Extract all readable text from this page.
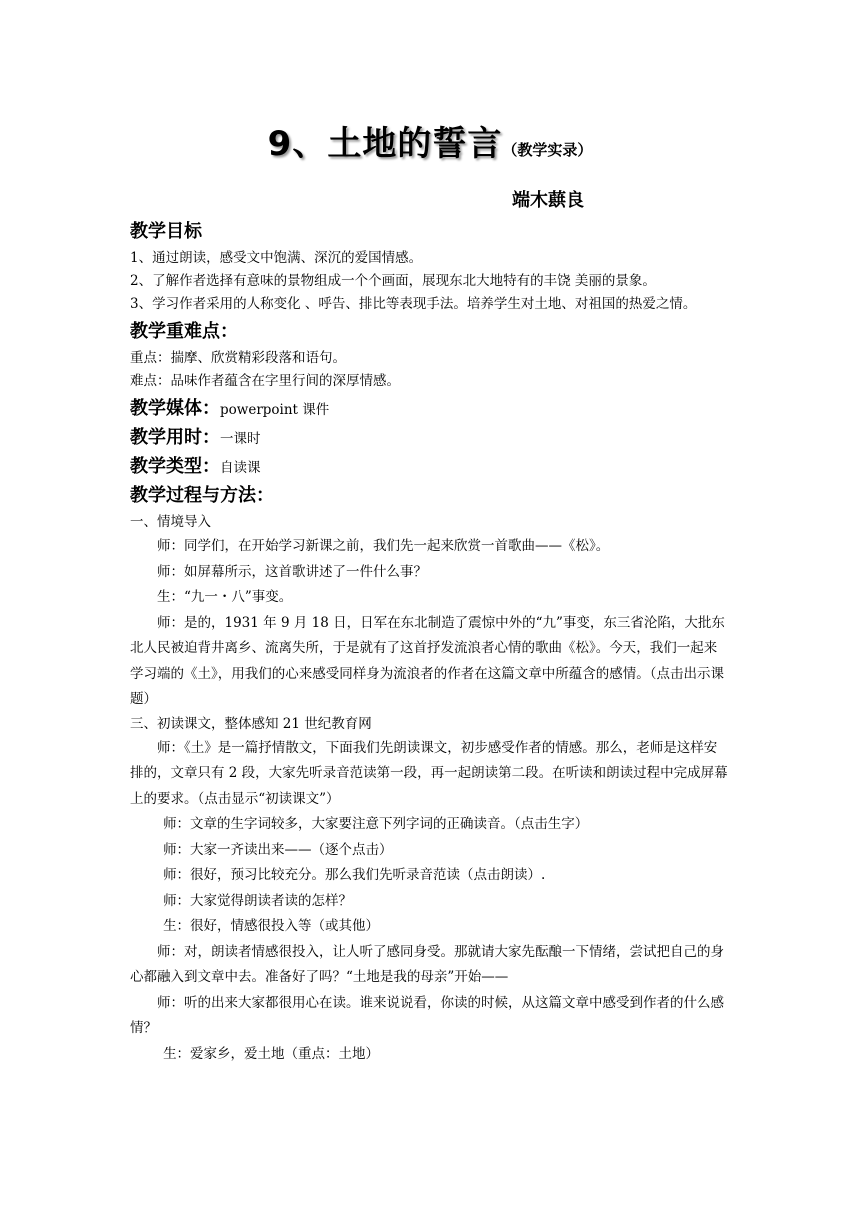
9、土地的誓言（教学实录）
端木蕻良
教学目标

1、通过朗读，感受文中饱满、深沉的爱国情感。

2、了解作者选择有意味的景物组成一个个画面，展现东北大地特有的丰饶 美丽的景象。

3、学习作者采用的人称变化 、呼告、排比等表现手法。培养学生对土地、对祖国的热爱之情。

教学重难点：

重点：揣摩、欣赏精彩段落和语句。

难点：品味作者蕴含在字里行间的深厚情感。

教学媒体：powerpoint 课件
教学用时：一课时
教学类型：自读课
教学过程与方法：

一、情境导入

师：同学们，在开始学习新课之前，我们先一起来欣赏一首歌曲——《松》。

师：如屏幕所示，这首歌讲述了一件什么事？

生：“九一・八”事变。

师：是的，1931 年 9 月 18 日，日军在东北制造了震惊中外的“九”事变，东三省沦陷，大批东北人民被迫背井离乡、流离失所，于是就有了这首抒发流浪者心情的歌曲《松》。今天，我们一起来学习端的《土》，用我们的心来感受同样身为流浪者的作者在这篇文章中所蕴含的感情。（点击出示课题）

三、初读课文，整体感知 21 世纪教育网

师：《土》是一篇抒情散文，下面我们先朗读课文，初步感受作者的情感。那么，老师是这样安排的，文章只有 2 段，大家先听录音范读第一段，再一起朗读第二段。在听读和朗读过程中完成屏幕上的要求。（点击显示“初读课文”）

师：文章的生字词较多，大家要注意下列字词的正确读音。（点击生字）

师：大家一齐读出来——（逐个点击）

师：很好，预习比较充分。那么我们先听录音范读（点击朗读）.

师：大家觉得朗读者读的怎样？

生：很好，情感很投入等（或其他）

师：对，朗读者情感很投入，让人听了感同身受。那就请大家先酝酿一下情绪，尝试把自己的身心都融入到文章中去。准备好了吗？“土地是我的母亲”开始——

师：听的出来大家都很用心在读。谁来说说看，你读的时候，从这篇文章中感受到作者的什么感情？

生：爱家乡，爱土地（重点：土地）
